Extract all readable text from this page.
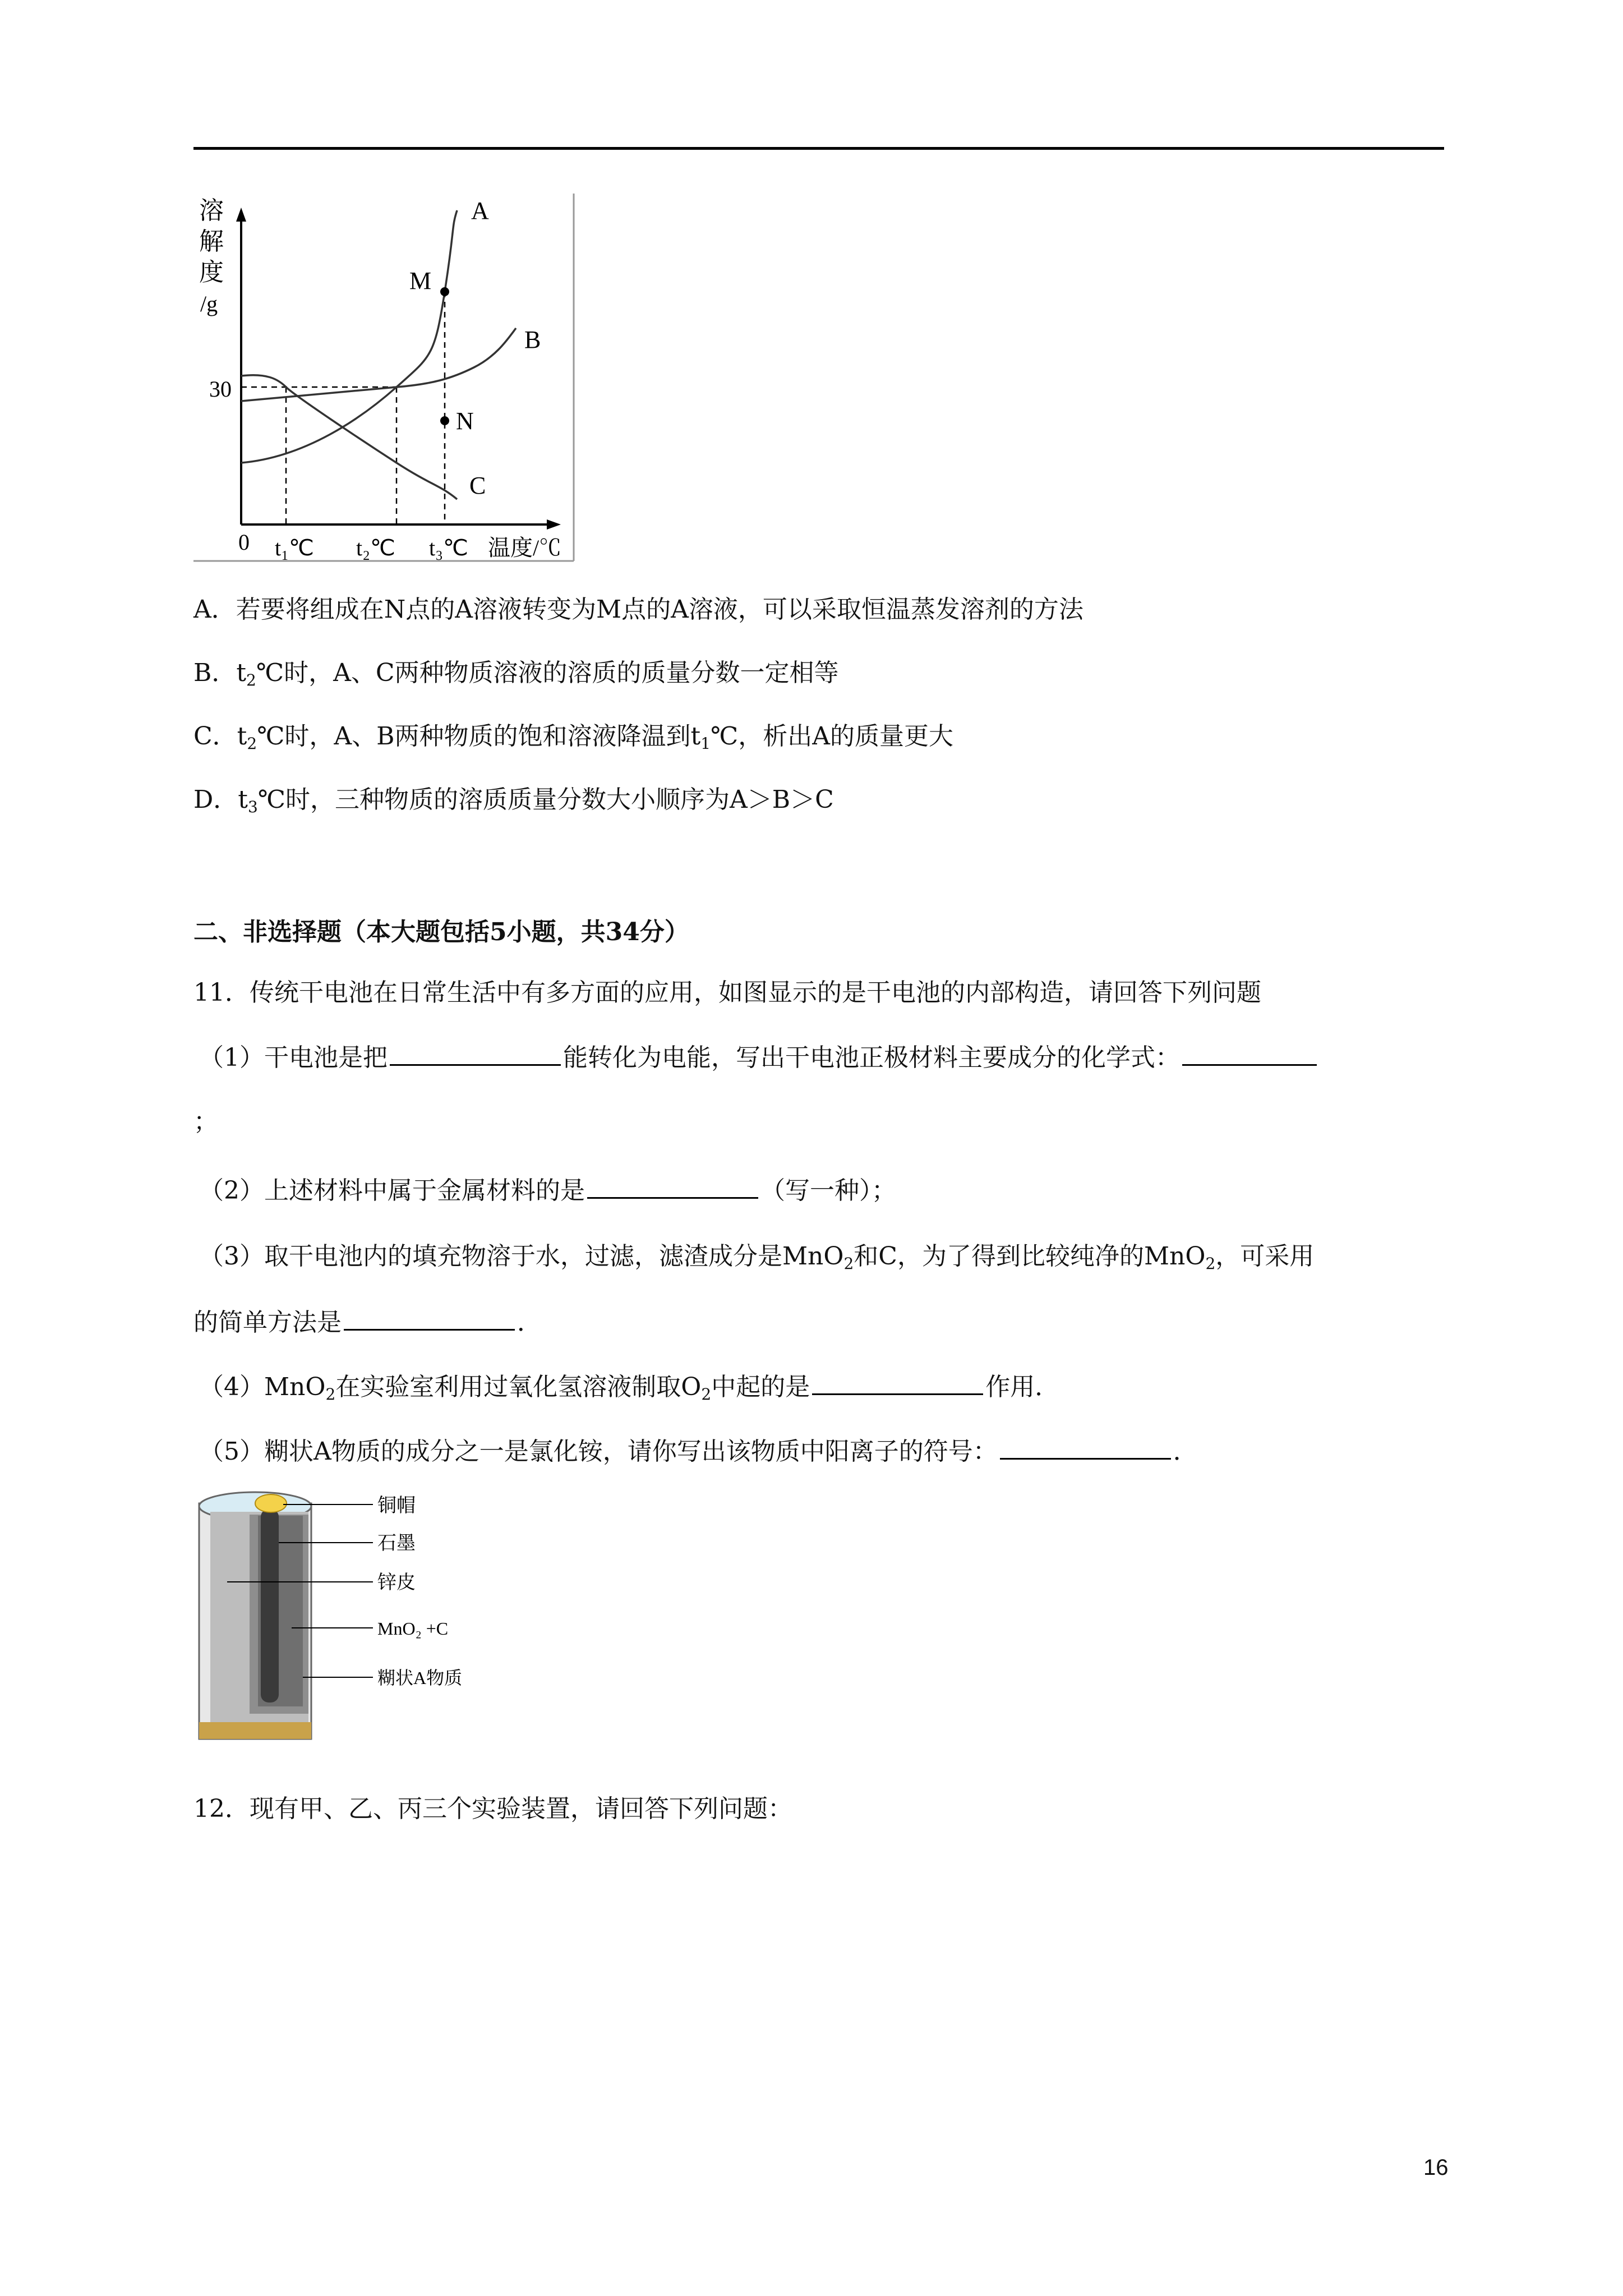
溶
解
度
/g
30
0 t₁℃ t₂℃ t₃℃ 温度/℃
A
B
C
M
N
A．若要将组成在N点的A溶液转变为M点的A溶液，可以采取恒温蒸发溶剂的方法
B．$t_2℃$时，A、C两种物质溶液的溶质的质量分数一定相等
C．$t_2℃$时，A、B两种物质的饱和溶液降温到$t_1℃$，析出A的质量更大
D．$t_3℃$时，三种物质的溶质质量分数大小顺序为A＞B＞C
二、非选择题（本大题包括5小题，共34分）
11．传统干电池在日常生活中有多方面的应用，如图显示的是干电池的内部构造，请回答下列问题
（1）干电池是把	能转化为电能，写出干电池正极材料主要成分的化学式：
；
（2）上述材料中属于金属材料的是	（写一种）；
（3）取干电池内的填充物溶于水，过滤，滤渣成分是MnO$_2$和C，为了得到比较纯净的MnO$_2$，可采用
的简单方法是	．
（4）MnO$_2$在实验室利用过氧化氢溶液制取$O_2$中起的是	作用．
（5）糊状A物质的成分之一是氯化铵，请你写出该物质中阳离子的符号：	．
铜帽
石墨
锌皮
MnO₂ +C
糊状A物质
12．现有甲、乙、丙三个实验装置，请回答下列问题：
16
